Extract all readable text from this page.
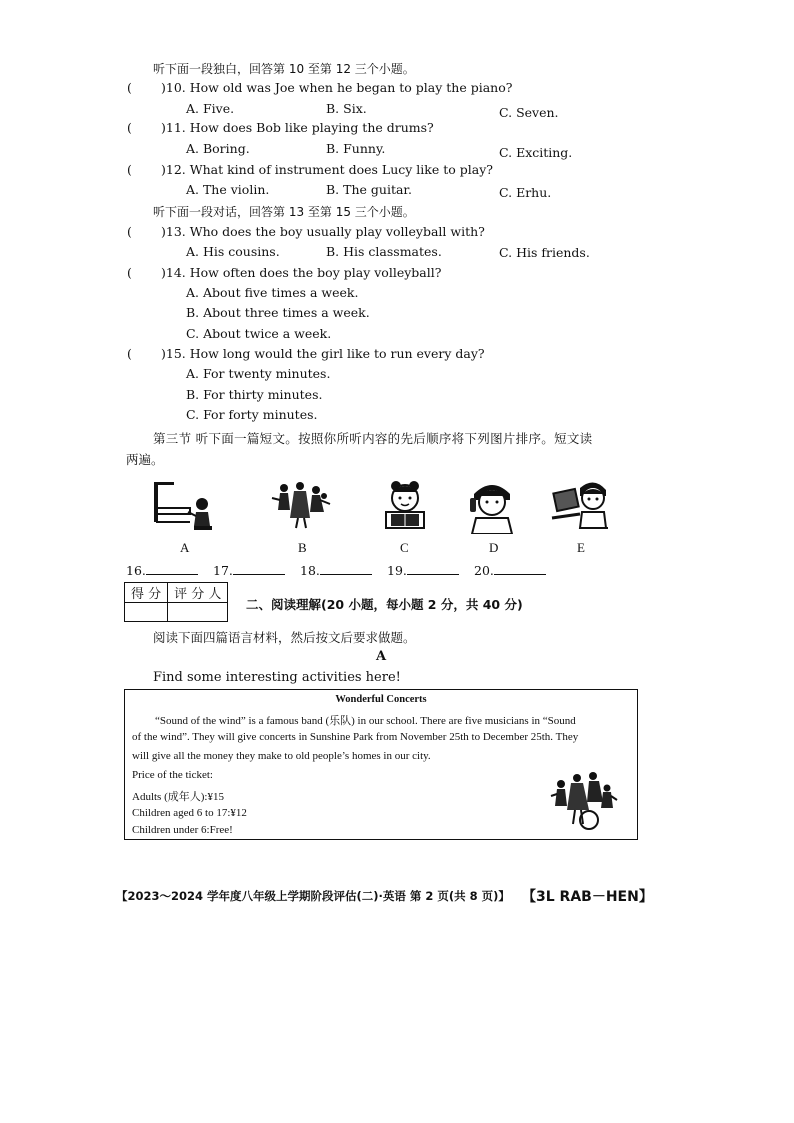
听下面一段独白，回答第 10 至第 12 三个小题。
( )10. How old was Joe when he began to play the piano?
A. Five.	B. Six.	C. Seven.
( )11. How does Bob like playing the drums?
A. Boring.	B. Funny.	C. Exciting.
( )12. What kind of instrument does Lucy like to play?
A. The violin.	B. The guitar.	C. Erhu.
听下面一段对话，回答第 13 至第 15 三个小题。
( )13. Who does the boy usually play volleyball with?
A. His cousins.	B. His classmates.	C. His friends.
( )14. How often does the boy play volleyball?
A. About five times a week.
B. About three times a week.
C. About twice a week.
( )15. How long would the girl like to run every day?
A. For twenty minutes.
B. For thirty minutes.
C. For forty minutes.
第三节 听下面一篇短文。按照你所听内容的先后顺序将下列图片排序。短文读
两遍。
A	B	C	D	E
16.	17.	18.	19.	20.
得 分	评 分 人

二、阅读理解(20 小题，每小题 2 分，共 40 分)
阅读下面四篇语言材料，然后按文后要求做题。
A
Find some interesting activities here!
Wonderful Concerts
“Sound of the wind” is a famous band (乐队) in our school. There are five musicians in “Sound
of the wind”. They will give concerts in Sunshine Park from November 25th to December 25th. They
will give all the money they make to old people’s homes in our city.
Price of the ticket:
Adults (成年人):¥15
Children aged 6 to 17:¥12
Children under 6:Free!
【2023～2024 学年度八年级上学期阶段评估(二)·英语 第 2 页(共 8 页)】 【3L RAB－HEN】
